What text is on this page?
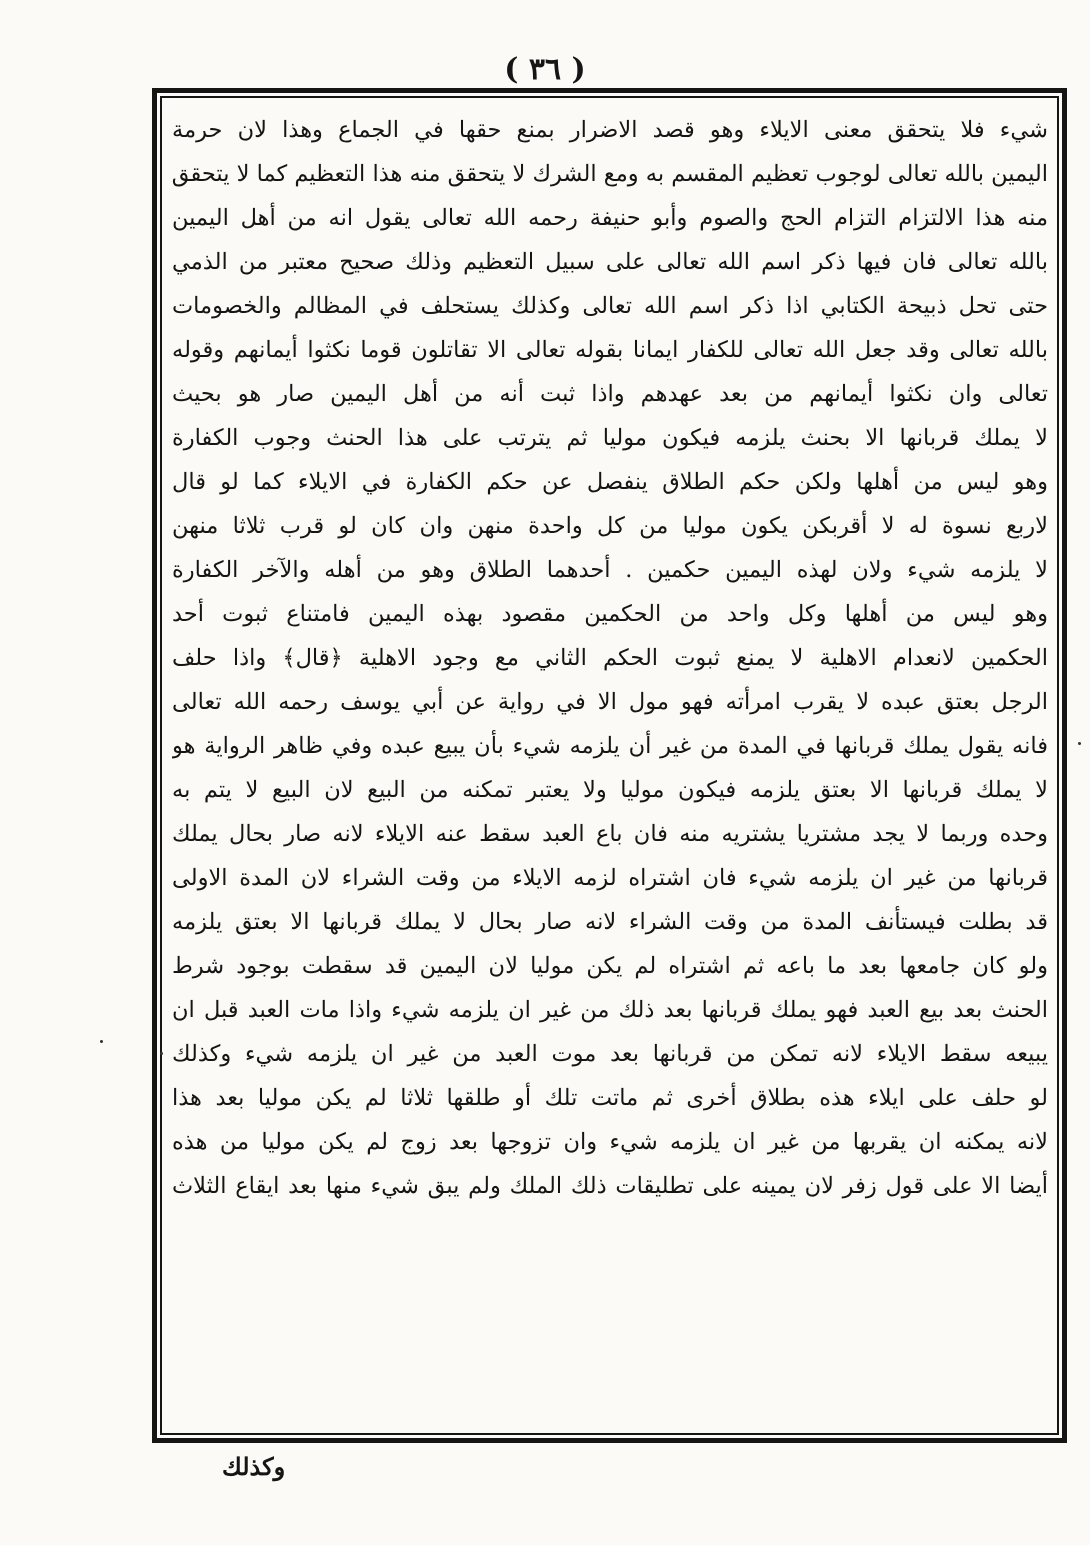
( ٣٦ )
شيء فلا يتحقق معنى الايلاء وهو قصد الاضرار بمنع حقها في الجماع وهذا لان حرمة
اليمين بالله تعالى لوجوب تعظيم المقسم به ومع الشرك لا يتحقق منه هذا التعظيم كما لا يتحقق
منه هذا الالتزام التزام الحج والصوم وأبو حنيفة رحمه الله تعالى يقول انه من أهل اليمين
بالله تعالى فان فيها ذكر اسم الله تعالى على سبيل التعظيم وذلك صحيح معتبر من الذمي
حتى تحل ذبيحة الكتابي اذا ذكر اسم الله تعالى وكذلك يستحلف في المظالم والخصومات
بالله تعالى وقد جعل الله تعالى للكفار ايمانا بقوله تعالى الا تقاتلون قوما نكثوا أيمانهم وقوله
تعالى وان نكثوا أيمانهم من بعد عهدهم واذا ثبت أنه من أهل اليمين صار هو بحيث
لا يملك قربانها الا بحنث يلزمه فيكون موليا ثم يترتب على هذا الحنث وجوب الكفارة
وهو ليس من أهلها ولكن حكم الطلاق ينفصل عن حكم الكفارة في الايلاء كما لو قال
لاربع نسوة له لا أقربكن يكون موليا من كل واحدة منهن وان كان لو قرب ثلاثا منهن
لا يلزمه شيء ولان لهذه اليمين حكمين . أحدهما الطلاق وهو من أهله والآخر الكفارة
وهو ليس من أهلها وكل واحد من الحكمين مقصود بهذه اليمين فامتناع ثبوت أحد
الحكمين لانعدام الاهلية لا يمنع ثبوت الحكم الثاني مع وجود الاهلية ﴿قال﴾ واذا حلف
الرجل بعتق عبده لا يقرب امرأته فهو مول الا في رواية عن أبي يوسف رحمه الله تعالى
فانه يقول يملك قربانها في المدة من غير أن يلزمه شيء بأن يبيع عبده وفي ظاهر الرواية هو
لا يملك قربانها الا بعتق يلزمه فيكون موليا ولا يعتبر تمكنه من البيع لان البيع لا يتم به
وحده وربما لا يجد مشتريا يشتريه منه فان باع العبد سقط عنه الايلاء لانه صار بحال يملك
قربانها من غير ان يلزمه شيء فان اشتراه لزمه الايلاء من وقت الشراء لان المدة الاولى
قد بطلت فيستأنف المدة من وقت الشراء لانه صار بحال لا يملك قربانها الا بعتق يلزمه
ولو كان جامعها بعد ما باعه ثم اشتراه لم يكن موليا لان اليمين قد سقطت بوجود شرط
الحنث بعد بيع العبد فهو يملك قربانها بعد ذلك من غير ان يلزمه شيء واذا مات العبد قبل ان
يبيعه سقط الايلاء لانه تمكن من قربانها بعد موت العبد من غير ان يلزمه شيء وكذلك
لو حلف على ايلاء هذه بطلاق أخرى ثم ماتت تلك أو طلقها ثلاثا لم يكن موليا بعد هذا
لانه يمكنه ان يقربها من غير ان يلزمه شيء وان تزوجها بعد زوج لم يكن موليا من هذه
أيضا الا على قول زفر لان يمينه على تطليقات ذلك الملك ولم يبق شيء منها بعد ايقاع الثلاث
وكذلك
